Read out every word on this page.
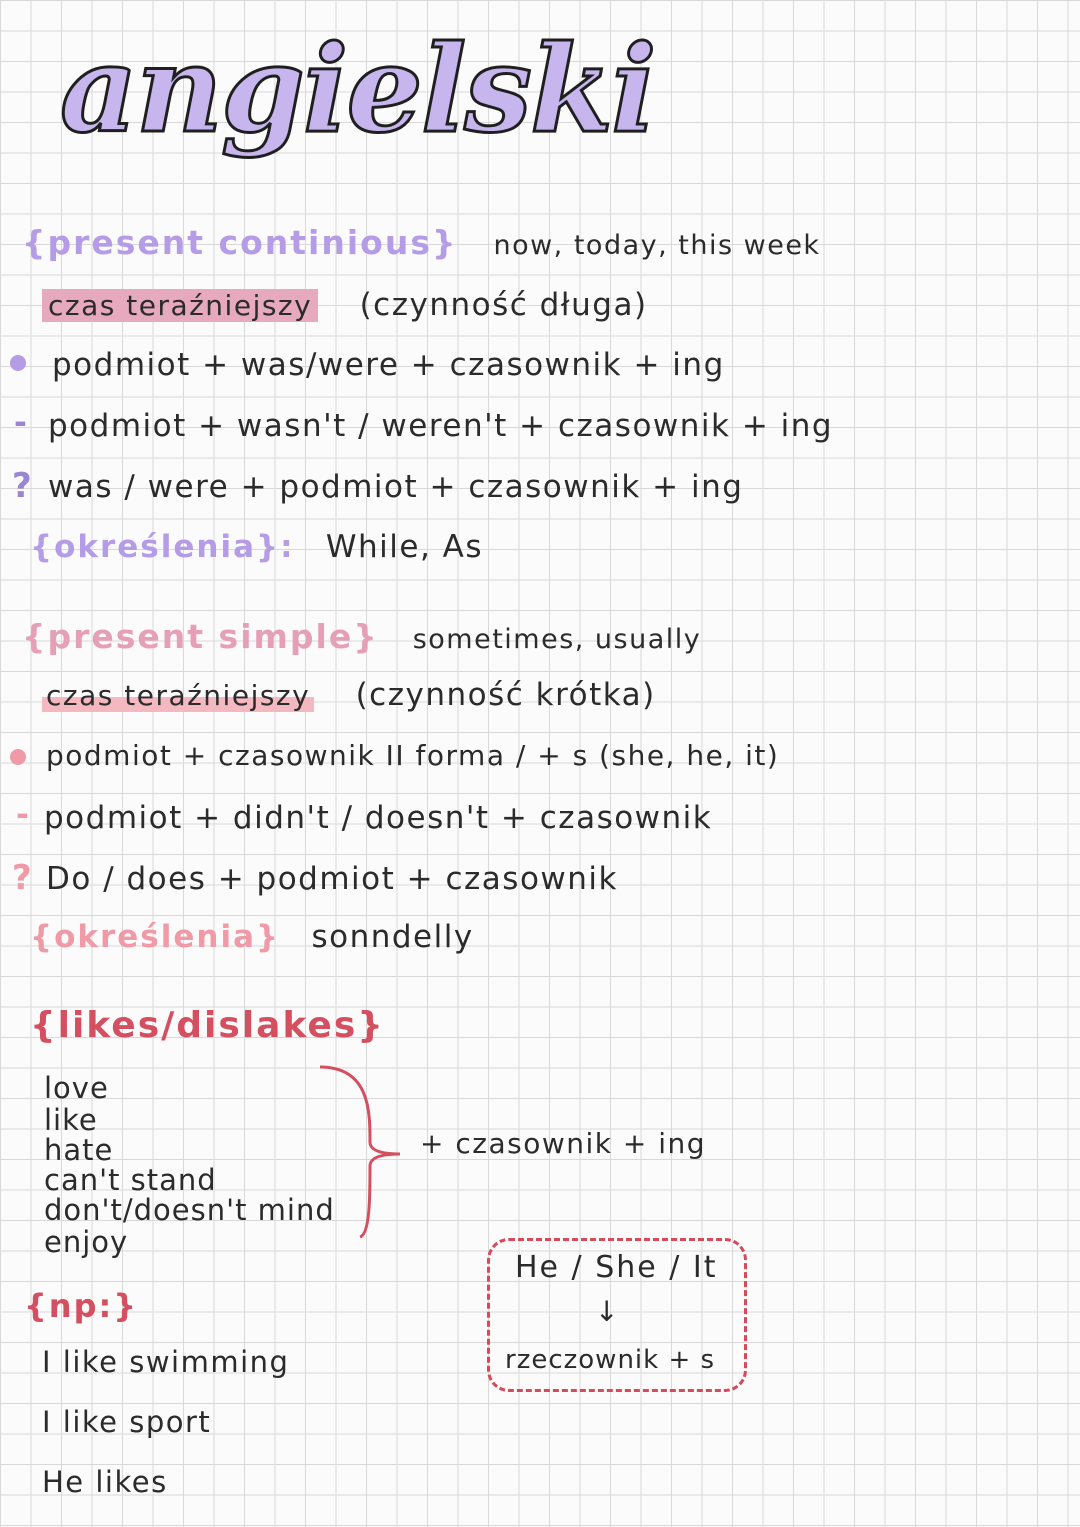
angielski
{present continious} now, today, this week
czas teraźniejszy (czynność długa)
podmiot + was/were + czasownik + ing
- podmiot + wasn't / weren't + czasownik + ing
? was / were + podmiot + czasownik + ing
{określenia}: While, As
{present simple} sometimes, usually
czas teraźniejszy (czynność krótka)
podmiot + czasownik II forma / + s (she, he, it)
- podmiot + didn't / doesn't + czasownik
? Do / does + podmiot + czasownik
{określenia} sonndelly
{likes/dislakes}
love
like
hate
can't stand
don't/doesn't mind
enjoy
+ czasownik + ing
He / She / It
↓
rzeczownik + s
{np:}
I like swimming
I like sport
He likes
